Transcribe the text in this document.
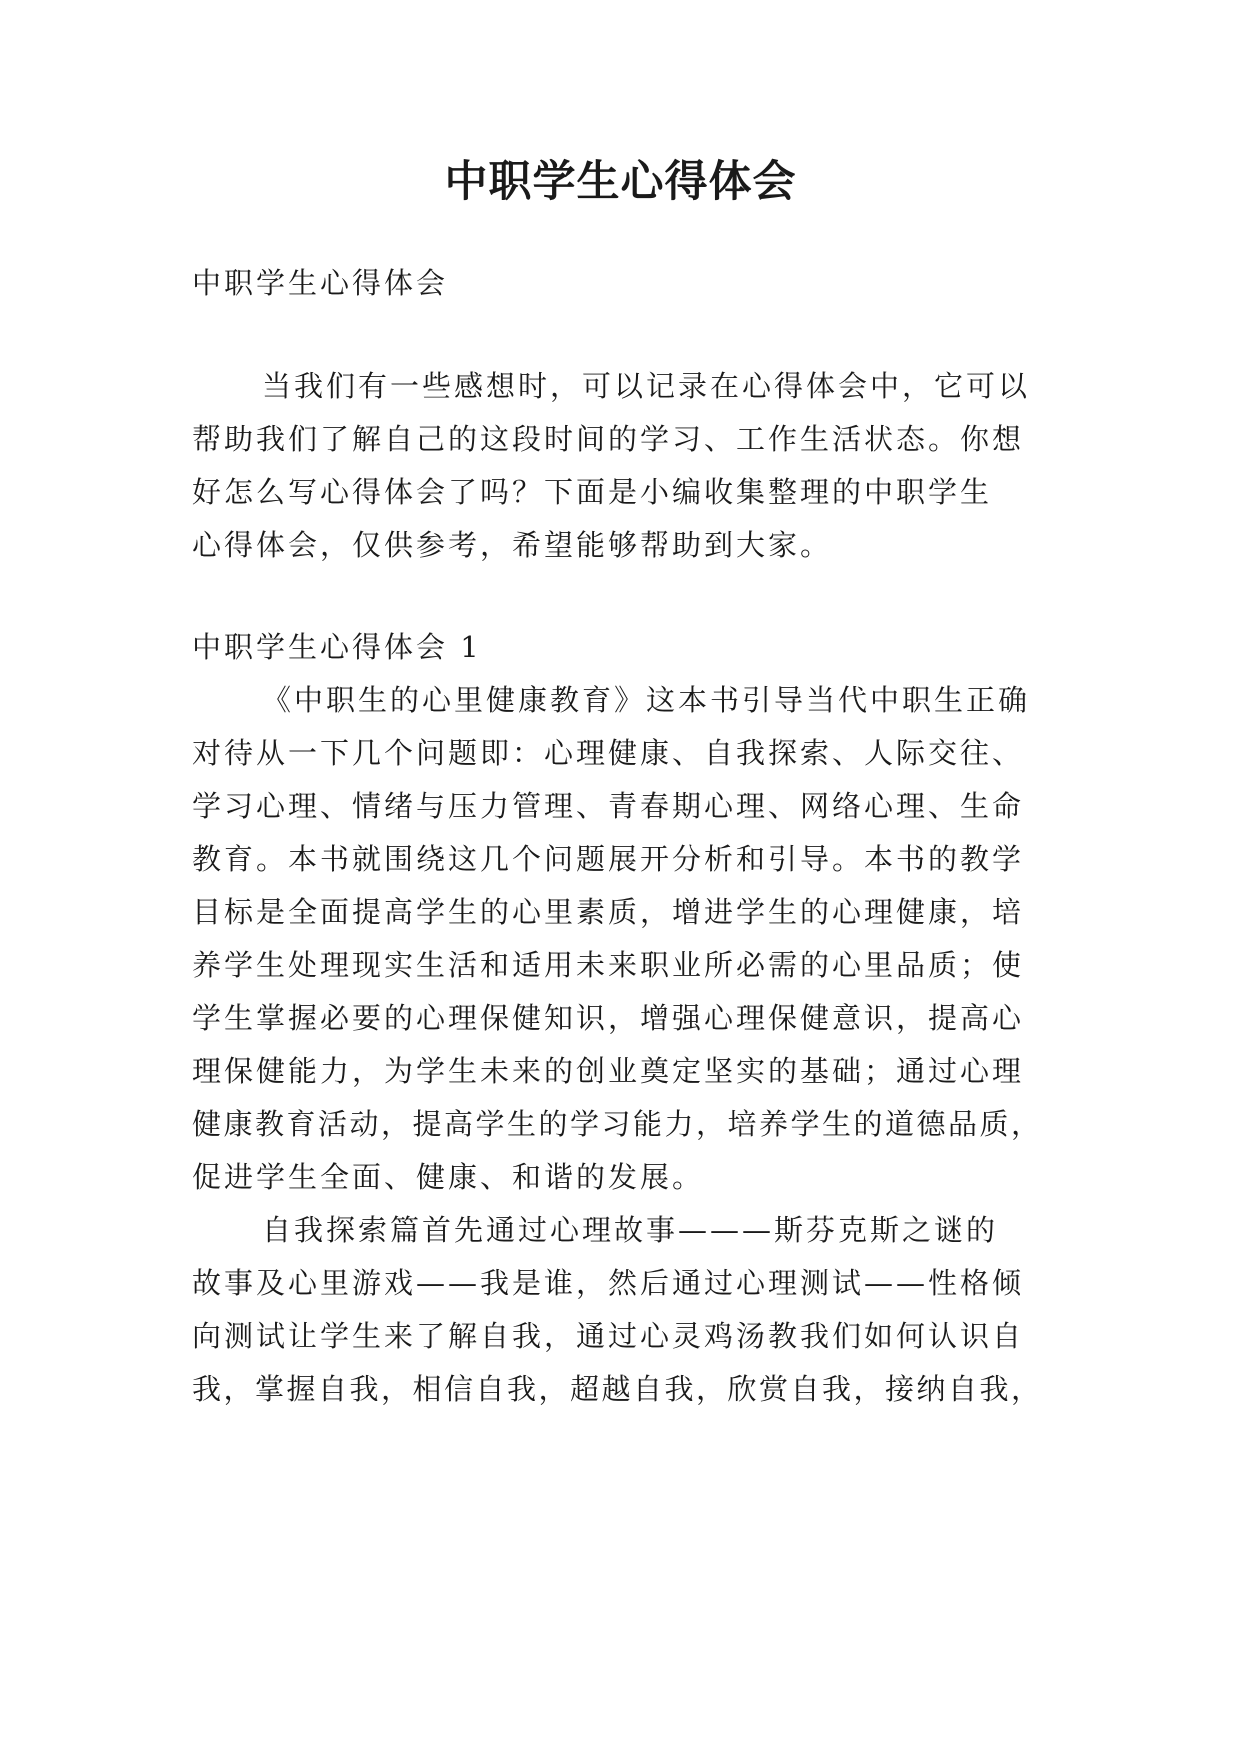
中职学生心得体会
中职学生心得体会
当我们有一些感想时，可以记录在心得体会中，它可以
帮助我们了解自己的这段时间的学习、工作生活状态。你想
好怎么写心得体会了吗？下面是小编收集整理的中职学生
心得体会，仅供参考，希望能够帮助到大家。
中职学生心得体会 1
《中职生的心里健康教育》这本书引导当代中职生正确
对待从一下几个问题即：心理健康、自我探索、人际交往、
学习心理、情绪与压力管理、青春期心理、网络心理、生命
教育。本书就围绕这几个问题展开分析和引导。本书的教学
目标是全面提高学生的心里素质，增进学生的心理健康，培
养学生处理现实生活和适用未来职业所必需的心里品质；使
学生掌握必要的心理保健知识，增强心理保健意识，提高心
理保健能力，为学生未来的创业奠定坚实的基础；通过心理
健康教育活动，提高学生的学习能力，培养学生的道德品质，
促进学生全面、健康、和谐的发展。
自我探索篇首先通过心理故事———斯芬克斯之谜的
故事及心里游戏——我是谁，然后通过心理测试——性格倾
向测试让学生来了解自我，通过心灵鸡汤教我们如何认识自
我，掌握自我，相信自我，超越自我，欣赏自我，接纳自我，
